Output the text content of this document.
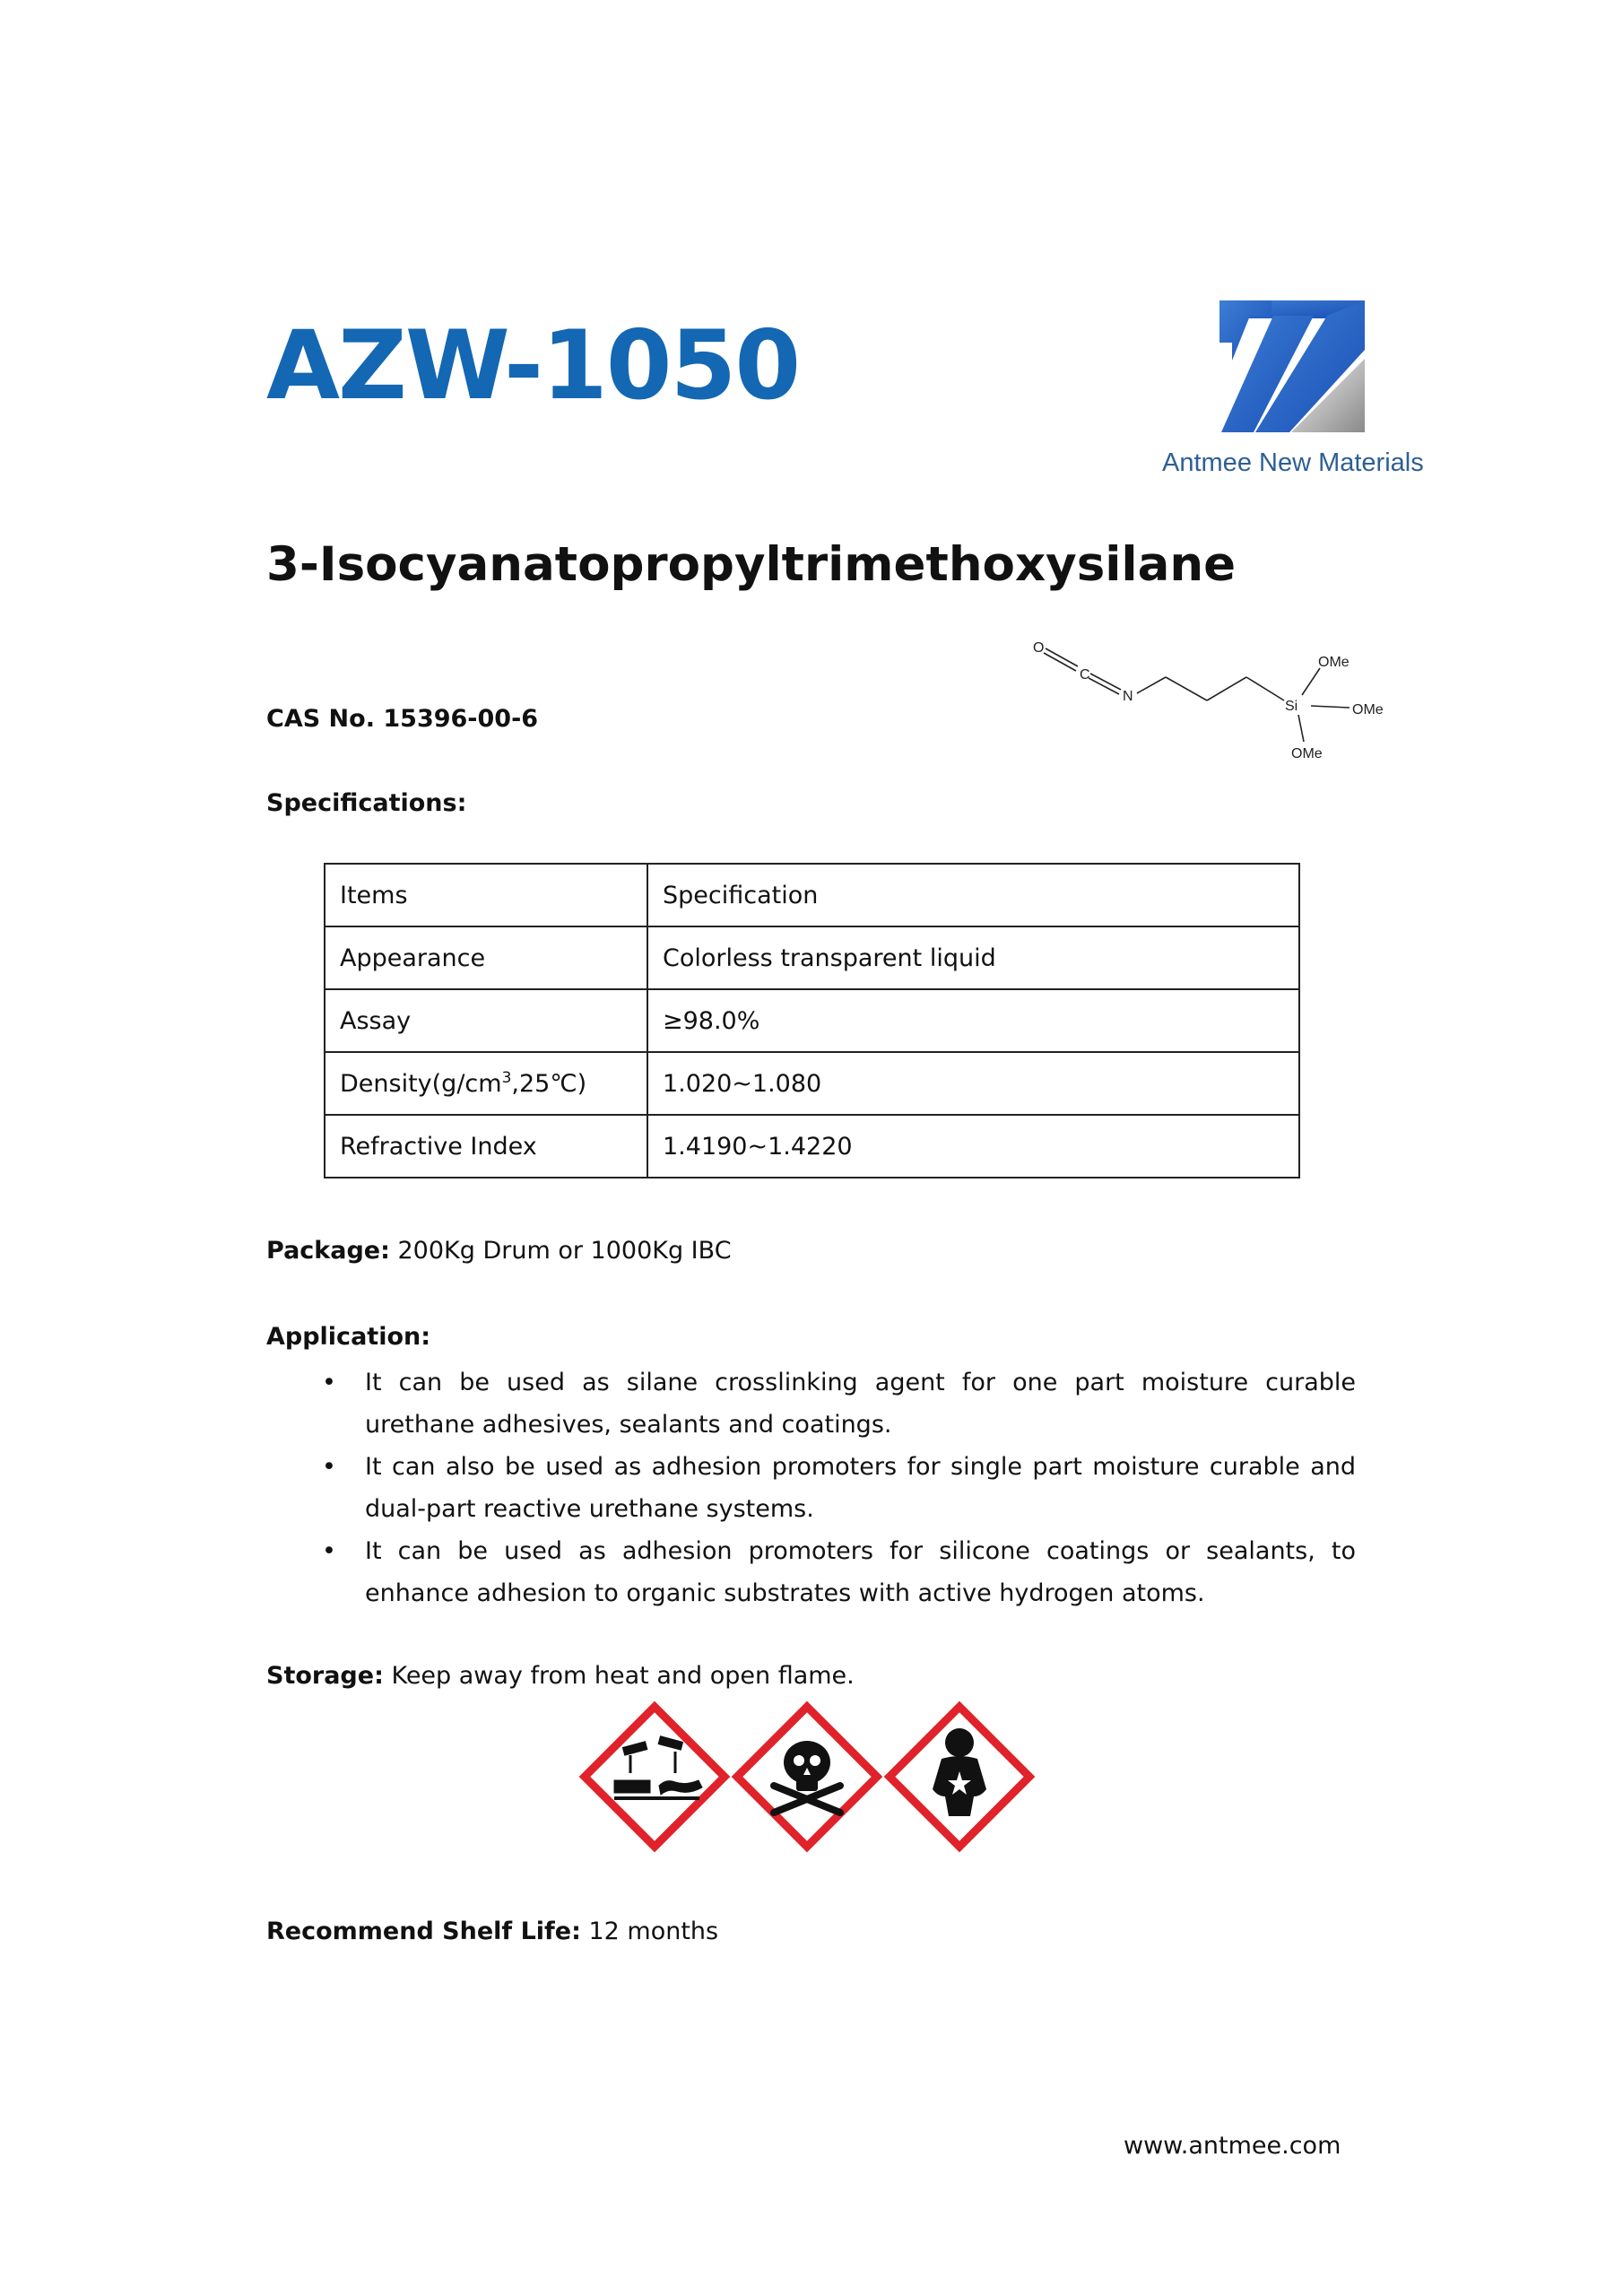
AZW-1050
Antmee New Materials
3-Isocyanatopropyltrimethoxysilane
O
C
N
Si
OMe
OMe
OMe
CAS No. 15396-00-6
Specifications:
Items	Specification
Appearance	Colorless transparent liquid
Assay	≥98.0%
$Density(g/cm^3,25℃)$	1.020~1.080
Refractive Index	1.4190~1.4220
Package: 200Kg Drum or 1000Kg IBC
Application:
• It can be used as silane crosslinking agent for one part moisture curable urethane adhesives, sealants and coatings.
• It can also be used as adhesion promoters for single part moisture curable and dual-part reactive urethane systems.
• It can be used as adhesion promoters for silicone coatings or sealants, to enhance adhesion to organic substrates with active hydrogen atoms.
Storage: Keep away from heat and open flame.
Recommend Shelf Life: 12 months
www.antmee.com
